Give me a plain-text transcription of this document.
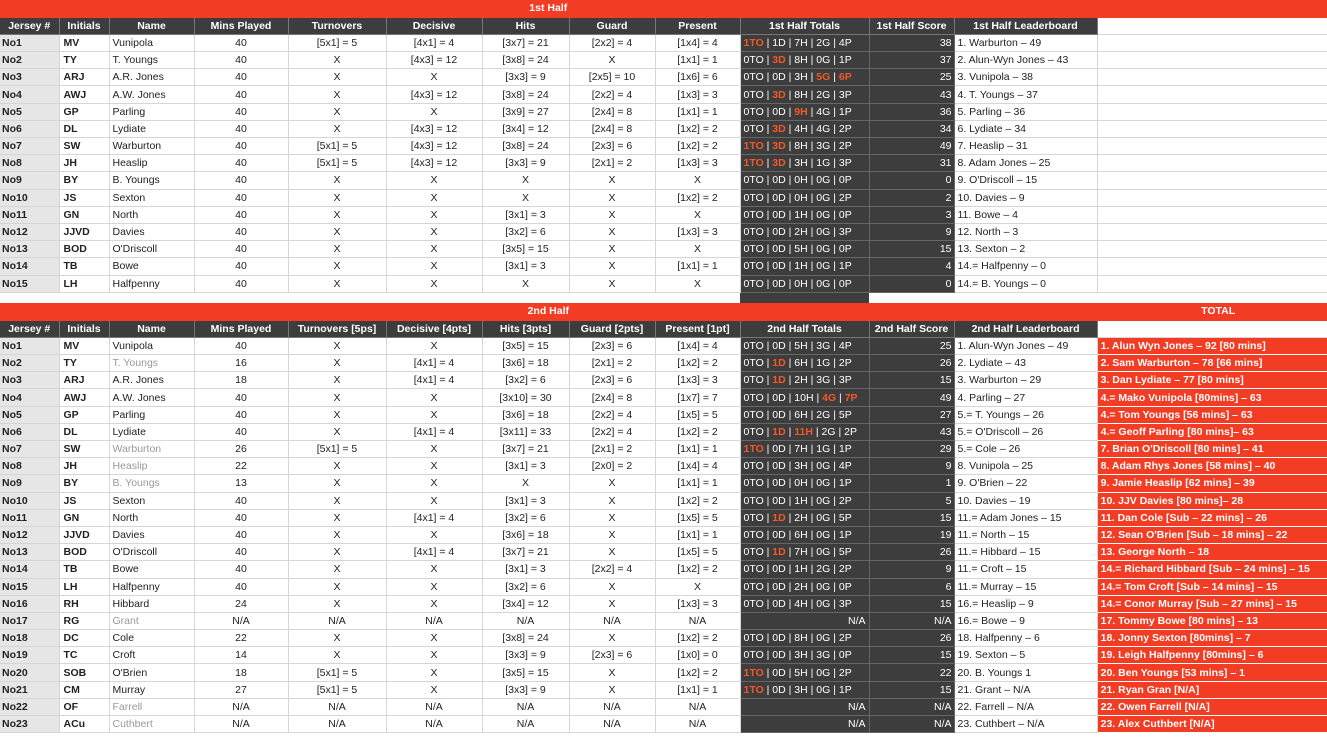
1st Half												
Jersey #	Initials	Name	Mins Played	Turnovers	Decisive	Hits	Guard	Present	1st Half Totals	1st Half Score	1st Half Leaderboard	
No1	MV	Vunipola	40	[5x1] = 5	[4x1] = 4	[3x7] = 21	[2x2] = 4	[1x4] = 4	1TO | 1D | 7H | 2G | 4P	38	1. Warburton – 49	
No2	TY	T. Youngs	40	X	[4x3] = 12	[3x8] = 24	X	[1x1] = 1	0TO | 3D | 8H | 0G | 1P	37	2. Alun-Wyn Jones – 43	
No3	ARJ	A.R. Jones	40	X	X	[3x3] = 9	[2x5] = 10	[1x6] = 6	0TO | 0D | 3H | 5G | 6P	25	3. Vunipola – 38	
No4	AWJ	A.W. Jones	40	X	[4x3] = 12	[3x8] = 24	[2x2] = 4	[1x3] = 3	0TO | 3D | 8H | 2G | 3P	43	4. T. Youngs – 37	
No5	GP	Parling	40	X	X	[3x9] = 27	[2x4] = 8	[1x1] = 1	0TO | 0D | 9H | 4G | 1P	36	5. Parling – 36	
No6	DL	Lydiate	40	X	[4x3] = 12	[3x4] = 12	[2x4] = 8	[1x2] = 2	0TO | 3D | 4H | 4G | 2P	34	6. Lydiate – 34	
No7	SW	Warburton	40	[5x1] = 5	[4x3] = 12	[3x8] = 24	[2x3] = 6	[1x2] = 2	1TO | 3D | 8H | 3G | 2P	49	7. Heaslip – 31	
No8	JH	Heaslip	40	[5x1] = 5	[4x3] = 12	[3x3] = 9	[2x1] = 2	[1x3] = 3	1TO | 3D | 3H | 1G | 3P	31	8. Adam Jones – 25	
No9	BY	B. Youngs	40	X	X	X	X	X	0TO | 0D | 0H | 0G | 0P	0	9. O'Driscoll – 15	
No10	JS	Sexton	40	X	X	X	X	[1x2] = 2	0TO | 0D | 0H | 0G | 2P	2	10. Davies – 9	
No11	GN	North	40	X	X	[3x1] = 3	X	X	0TO | 0D | 1H | 0G | 0P	3	11. Bowe – 4	
No12	JJVD	Davies	40	X	X	[3x2] = 6	X	[1x3] = 3	0TO | 0D | 2H | 0G | 3P	9	12. North – 3	
No13	BOD	O'Driscoll	40	X	X	[3x5] = 15	X	X	0TO | 0D | 5H | 0G | 0P	15	13. Sexton – 2	
No14	TB	Bowe	40	X	X	[3x1] = 3	X	[1x1] = 1	0TO | 0D | 1H | 0G | 1P	4	14.= Halfpenny – 0	
No15	LH	Halfpenny	40	X	X	X	X	X	0TO | 0D | 0H | 0G | 0P	0	14.= B. Youngs – 0	

2nd Half												TOTAL
Jersey #	Initials	Name	Mins Played	Turnovers [5ps]	Decisive [4pts]	Hits [3pts]	Guard [2pts]	Present [1pt]	2nd Half Totals	2nd Half Score	2nd Half Leaderboard	
No1	MV	Vunipola	40	X	X	[3x5] = 15	[2x3] = 6	[1x4] = 4	0TO | 0D | 5H | 3G | 4P	25	1. Alun-Wyn Jones – 49	1. Alun Wyn Jones – 92 [80 mins]
No2	TY	T. Youngs	16	X	[4x1] = 4	[3x6] = 18	[2x1] = 2	[1x2] = 2	0TO | 1D | 6H | 1G | 2P	26	2. Lydiate – 43	2. Sam Warburton – 78 [66 mins]
No3	ARJ	A.R. Jones	18	X	[4x1] = 4	[3x2] = 6	[2x3] = 6	[1x3] = 3	0TO | 1D | 2H | 3G | 3P	15	3. Warburton – 29	3. Dan Lydiate – 77 [80 mins]
No4	AWJ	A.W. Jones	40	X	X	[3x10] = 30	[2x4] = 8	[1x7] = 7	0TO | 0D | 10H | 4G | 7P	49	4. Parling – 27	4.= Mako Vunipola [80mins] – 63
No5	GP	Parling	40	X	X	[3x6] = 18	[2x2] = 4	[1x5] = 5	0TO | 0D | 6H | 2G | 5P	27	5.= T. Youngs – 26	4.= Tom Youngs [56 mins] – 63
No6	DL	Lydiate	40	X	[4x1] = 4	[3x11] = 33	[2x2] = 4	[1x2] = 2	0TO | 1D | 11H | 2G | 2P	43	5.= O'Driscoll – 26	4.= Geoff Parling [80 mins]– 63
No7	SW	Warburton	26	[5x1] = 5	X	[3x7] = 21	[2x1] = 2	[1x1] = 1	1TO | 0D | 7H | 1G | 1P	29	5.= Cole – 26	7. Brian O'Driscoll [80 mins] – 41
No8	JH	Heaslip	22	X	X	[3x1] = 3	[2x0] = 2	[1x4] = 4	0TO | 0D | 3H | 0G | 4P	9	8. Vunipola – 25	8. Adam Rhys Jones [58 mins] – 40
No9	BY	B. Youngs	13	X	X	X	X	[1x1] = 1	0TO | 0D | 0H | 0G | 1P	1	9. O'Brien – 22	9. Jamie Heaslip [62 mins] – 39
No10	JS	Sexton	40	X	X	[3x1] = 3	X	[1x2] = 2	0TO | 0D | 1H | 0G | 2P	5	10. Davies – 19	10. JJV Davies [80 mins]– 28
No11	GN	North	40	X	[4x1] = 4	[3x2] = 6	X	[1x5] = 5	0TO | 1D | 2H | 0G | 5P	15	11.= Adam Jones – 15	11. Dan Cole [Sub – 22 mins] – 26
No12	JJVD	Davies	40	X	X	[3x6] = 18	X	[1x1] = 1	0TO | 0D | 6H | 0G | 1P	19	11.= North – 15	12. Sean O'Brien [Sub – 18 mins] – 22
No13	BOD	O'Driscoll	40	X	[4x1] = 4	[3x7] = 21	X	[1x5] = 5	0TO | 1D | 7H | 0G | 5P	26	11.= Hibbard – 15	13. George North – 18
No14	TB	Bowe	40	X	X	[3x1] = 3	[2x2] = 4	[1x2] = 2	0TO | 0D | 1H | 2G | 2P	9	11.= Croft – 15	14.= Richard Hibbard [Sub – 24 mins] – 15
No15	LH	Halfpenny	40	X	X	[3x2] = 6	X	X	0TO | 0D | 2H | 0G | 0P	6	11.= Murray – 15	14.= Tom Croft [Sub – 14 mins] – 15
No16	RH	Hibbard	24	X	X	[3x4] = 12	X	[1x3] = 3	0TO | 0D | 4H | 0G | 3P	15	16.= Heaslip – 9	14.= Conor Murray [Sub – 27 mins] – 15
No17	RG	Grant	N/A	N/A	N/A	N/A	N/A	N/A	N/A	N/A	16.= Bowe – 9	17. Tommy Bowe [80 mins] – 13
No18	DC	Cole	22	X	X	[3x8] = 24	X	[1x2] = 2	0TO | 0D | 8H | 0G | 2P	26	18. Halfpenny – 6	18. Jonny Sexton [80mins] – 7
No19	TC	Croft	14	X	X	[3x3] = 9	[2x3] = 6	[1x0] = 0	0TO | 0D | 3H | 3G | 0P	15	19. Sexton – 5	19. Leigh Halfpenny [80mins] – 6
No20	SOB	O'Brien	18	[5x1] = 5	X	[3x5] = 15	X	[1x2] = 2	1TO | 0D | 5H | 0G | 2P	22	20. B. Youngs 1	20. Ben Youngs [53 mins] – 1
No21	CM	Murray	27	[5x1] = 5	X	[3x3] = 9	X	[1x1] = 1	1TO | 0D | 3H | 0G | 1P	15	21. Grant – N/A	21. Ryan Gran [N/A]
No22	OF	Farrell	N/A	N/A	N/A	N/A	N/A	N/A	N/A	N/A	22. Farrell – N/A	22. Owen Farrell [N/A]
No23	ACu	Cuthbert	N/A	N/A	N/A	N/A	N/A	N/A	N/A	N/A	23. Cuthbert – N/A	23. Alex Cuthbert [N/A]
